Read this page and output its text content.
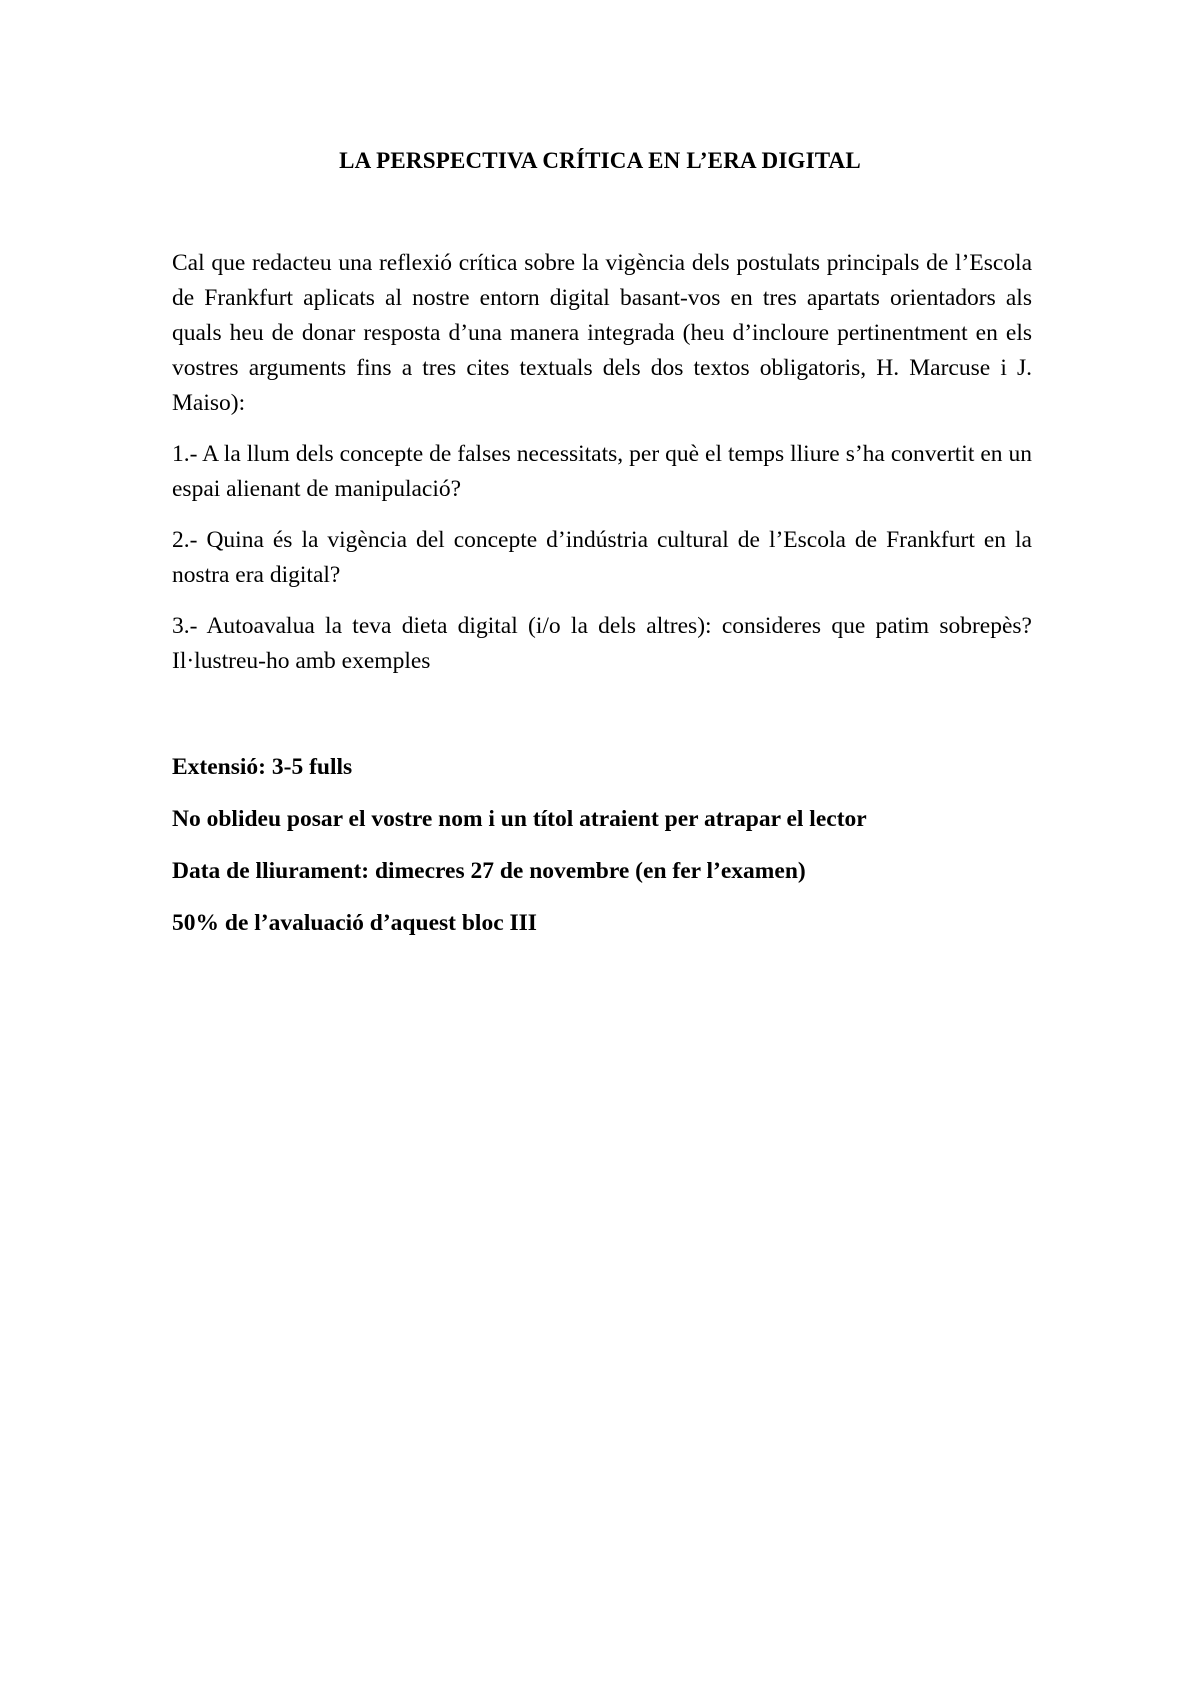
LA PERSPECTIVA CRÍTICA EN L’ERA DIGITAL

Cal que redacteu una reflexió crítica sobre la vigència dels postulats principals de l’Escola de Frankfurt aplicats al nostre entorn digital basant-vos en tres apartats orientadors als quals heu de donar resposta d’una manera integrada (heu d’incloure pertinentment en els vostres arguments fins a tres cites textuals dels dos textos obligatoris, H. Marcuse i J. Maiso):

1.- A la llum dels concepte de falses necessitats, per què el temps lliure s’ha convertit en un espai alienant de manipulació?

2.- Quina és la vigència del concepte d’indústria cultural de l’Escola de Frankfurt en la nostra era digital?

3.- Autoavalua la teva dieta digital (i/o la dels altres): consideres que patim sobrepès? Il·lustreu-ho amb exemples

Extensió: 3-5 fulls

No oblideu posar el vostre nom i un títol atraient per atrapar el lector

Data de lliurament: dimecres 27 de novembre (en fer l’examen)

50% de l’avaluació d’aquest bloc III
